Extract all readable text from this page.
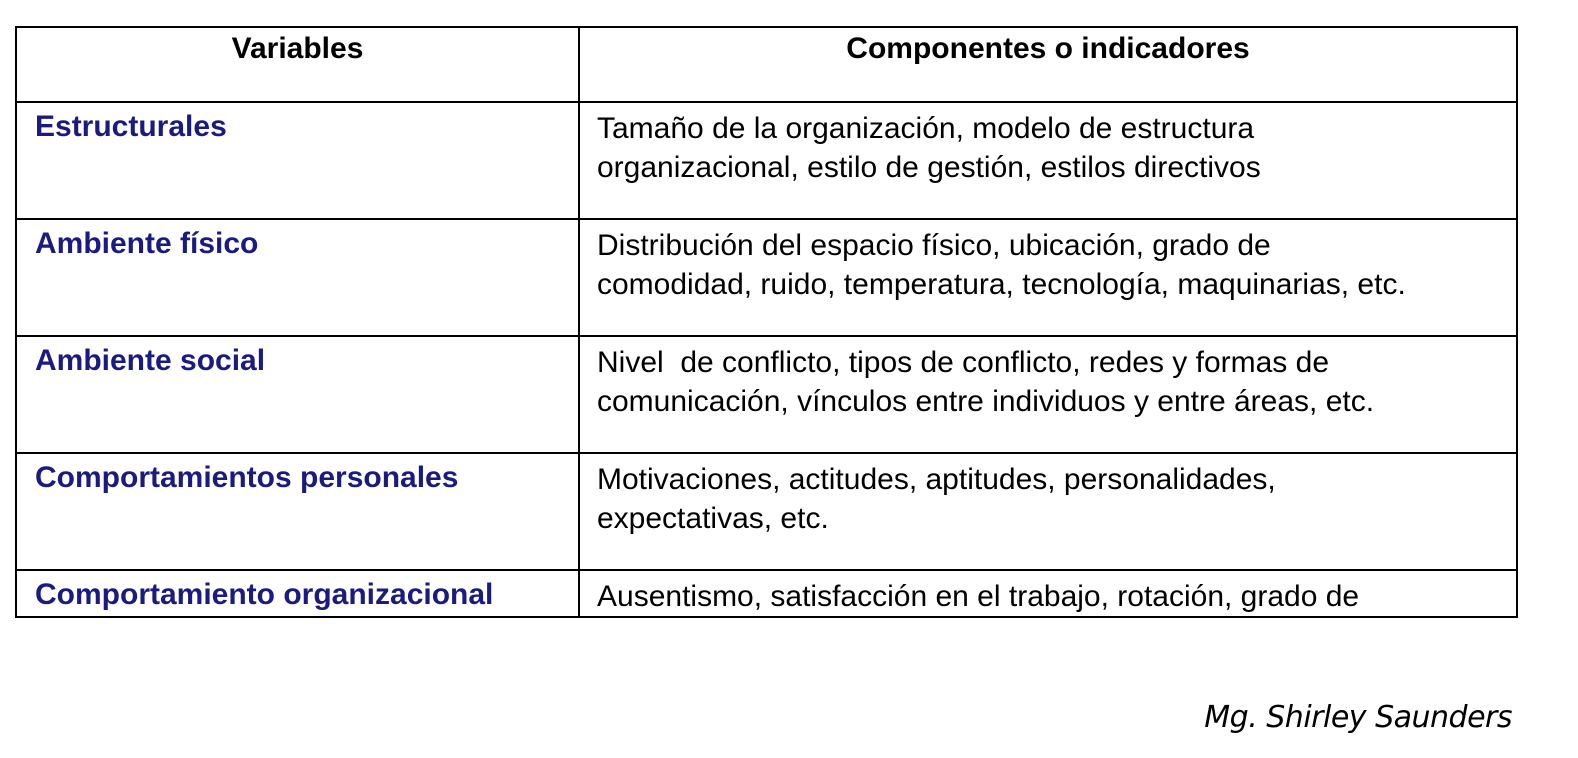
Variables	Componentes o indicadores
Estructurales	Tamaño de la organización, modelo de estructura
organizacional, estilo de gestión, estilos directivos

Ambiente físico	Distribución del espacio físico, ubicación, grado de
comodidad, ruido, temperatura, tecnología, maquinarias, etc.

Ambiente social	Nivel  de conflicto, tipos de conflicto, redes y formas de
comunicación, vínculos entre individuos y entre áreas, etc.

Comportamientos personales	Motivaciones, actitudes, aptitudes, personalidades,
expectativas, etc.

Comportamiento organizacional	Ausentismo, satisfacción en el trabajo, rotación, grado de
Mg. Shirley Saunders
